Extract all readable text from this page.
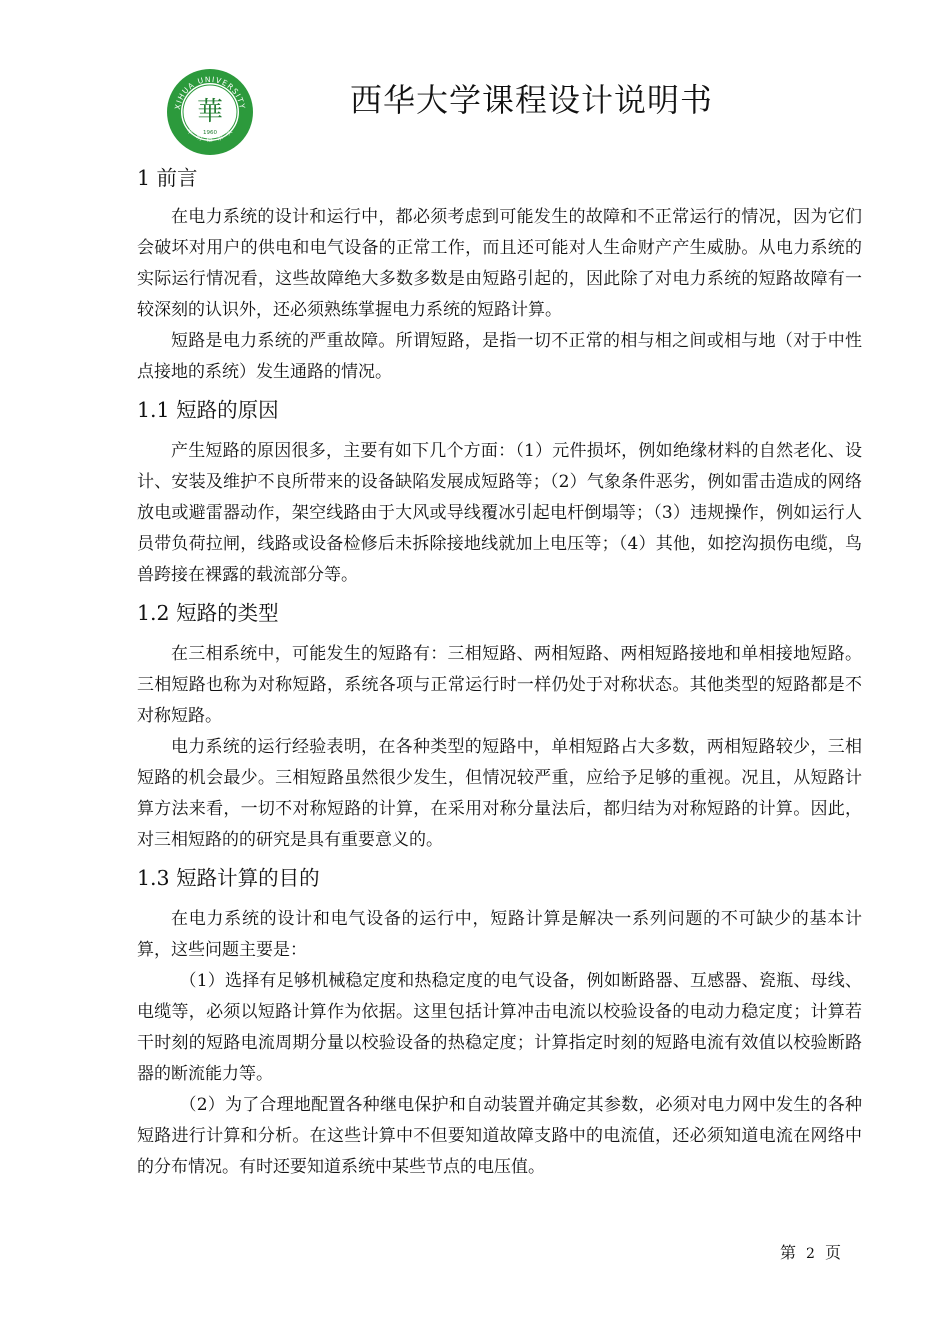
XIHUA UNIVERSITY
华 明 德 求 实
華
1960
西华大学课程设计说明书
1 前言

在电力系统的设计和运行中，都必须考虑到可能发生的故障和不正常运行的情况，因为它们会破坏对用户的供电和电气设备的正常工作，而且还可能对人生命财产产生威胁。从电力系统的实际运行情况看，这些故障绝大多数多数是由短路引起的，因此除了对电力系统的短路故障有一较深刻的认识外，还必须熟练掌握电力系统的短路计算。

短路是电力系统的严重故障。所谓短路，是指一切不正常的相与相之间或相与地（对于中性点接地的系统）发生通路的情况。

1.1 短路的原因

产生短路的原因很多，主要有如下几个方面：（1）元件损坏，例如绝缘材料的自然老化、设计、安装及维护不良所带来的设备缺陷发展成短路等；（2）气象条件恶劣，例如雷击造成的网络放电或避雷器动作，架空线路由于大风或导线覆冰引起电杆倒塌等；（3）违规操作，例如运行人员带负荷拉闸，线路或设备检修后未拆除接地线就加上电压等；（4）其他，如挖沟损伤电缆，鸟兽跨接在裸露的载流部分等。

1.2 短路的类型

在三相系统中，可能发生的短路有：三相短路、两相短路、两相短路接地和单相接地短路。三相短路也称为对称短路，系统各项与正常运行时一样仍处于对称状态。其他类型的短路都是不对称短路。

电力系统的运行经验表明，在各种类型的短路中，单相短路占大多数，两相短路较少，三相短路的机会最少。三相短路虽然很少发生，但情况较严重，应给予足够的重视。况且，从短路计算方法来看，一切不对称短路的计算，在采用对称分量法后，都归结为对称短路的计算。因此，对三相短路的的研究是具有重要意义的。

1.3 短路计算的目的

在电力系统的设计和电气设备的运行中，短路计算是解决一系列问题的不可缺少的基本计算，这些问题主要是：

（1）选择有足够机械稳定度和热稳定度的电气设备，例如断路器、互感器、瓷瓶、母线、电缆等，必须以短路计算作为依据。这里包括计算冲击电流以校验设备的电动力稳定度；计算若干时刻的短路电流周期分量以校验设备的热稳定度；计算指定时刻的短路电流有效值以校验断路器的断流能力等。

（2）为了合理地配置各种继电保护和自动装置并确定其参数，必须对电力网中发生的各种短路进行计算和分析。在这些计算中不但要知道故障支路中的电流值，还必须知道电流在网络中的分布情况。有时还要知道系统中某些节点的电压值。

第 2 页
